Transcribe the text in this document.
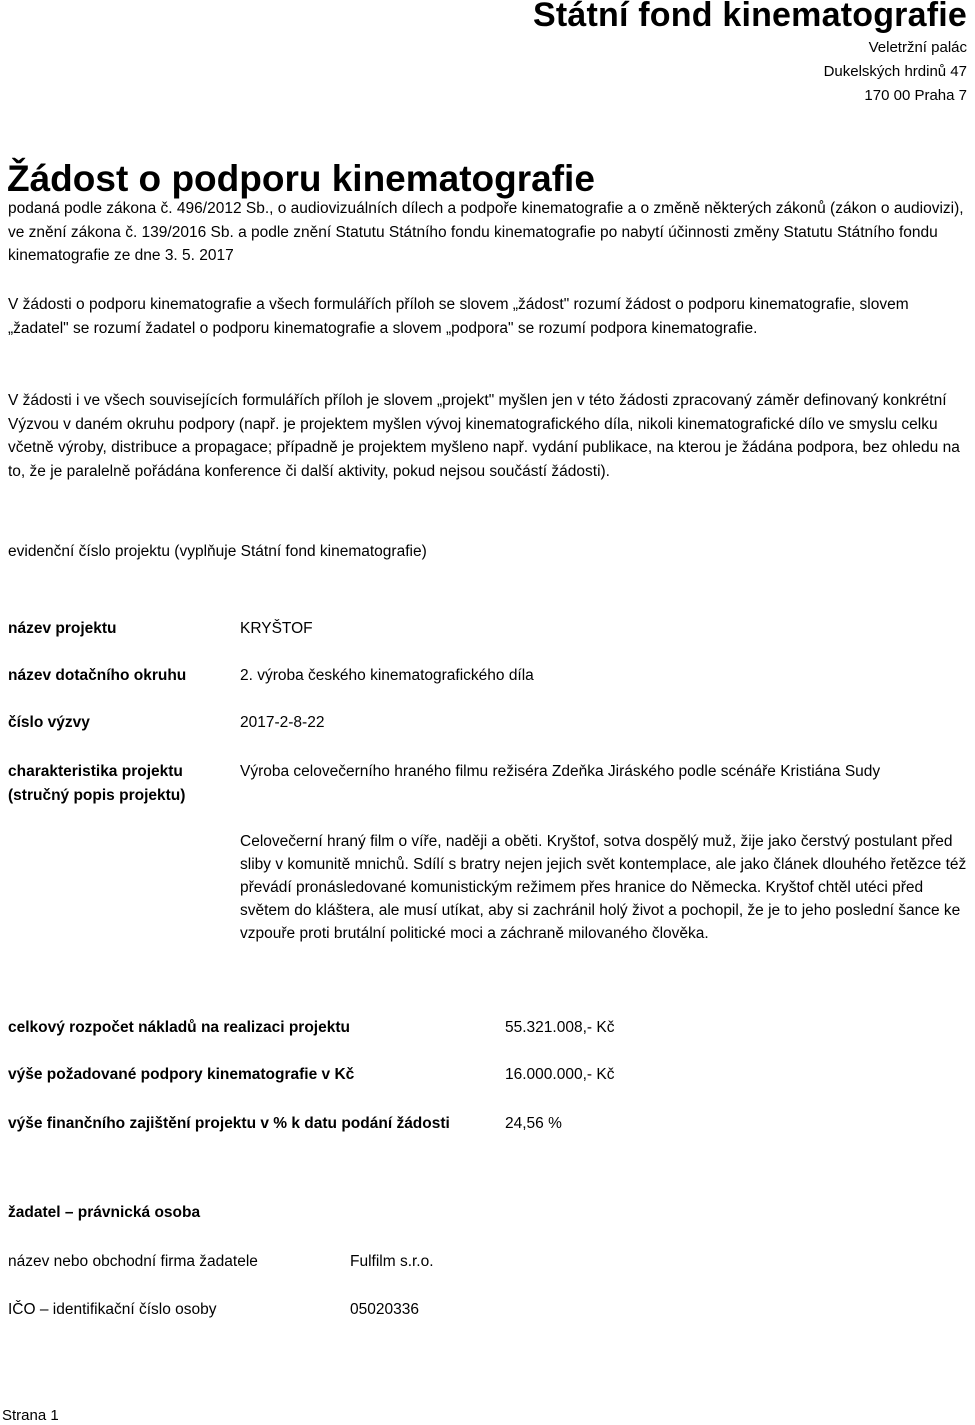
Státní fond kinematografie
Veletržní palác
Dukelských hrdinů 47
170 00 Praha 7
Žádost o podporu kinematografie
podaná podle zákona č. 496/2012 Sb., o audiovizuálních dílech a podpoře kinematografie a o změně některých zákonů (zákon o audiovizi), ve znění zákona č. 139/2016 Sb. a podle znění Statutu Státního fondu kinematografie po nabytí účinnosti změny Statutu Státního fondu kinematografie ze dne 3. 5. 2017
V žádosti o podporu kinematografie a všech formulářích příloh se slovem „žádost" rozumí žádost o podporu kinematografie, slovem „žadatel" se rozumí žadatel o podporu kinematografie a slovem „podpora" se rozumí podpora kinematografie.
V žádosti i ve všech souvisejících formulářích příloh je slovem „projekt" myšlen jen v této žádosti zpracovaný záměr definovaný konkrétní Výzvou v daném okruhu podpory (např. je projektem myšlen vývoj kinematografického díla, nikoli kinematografické dílo ve smyslu celku včetně výroby, distribuce a propagace; případně je projektem myšleno např. vydání publikace, na kterou je žádána podpora, bez ohledu na to, že je paralelně pořádána konference či další aktivity, pokud nejsou součástí žádosti).
evidenční číslo projektu (vyplňuje Státní fond kinematografie)
název projektu	KRYŠTOF
název dotačního okruhu	2. výroba českého kinematografického díla
číslo výzvy	2017-2-8-22
charakteristika projektu
(stručný popis projektu)
Výroba celovečerního hraného filmu režiséra Zdeňka Jiráského podle scénáře Kristiána Sudy
Celovečerní hraný film o víře, naději a oběti. Kryštof, sotva dospělý muž, žije jako čerstvý postulant před sliby v komunitě mnichů. Sdílí s bratry nejen jejich svět kontemplace, ale jako článek dlouhého řetězce též převádí pronásledované komunistickým režimem přes hranice do Německa. Kryštof chtěl utéci před světem do kláštera, ale musí utíkat, aby si zachránil holý život a pochopil, že je to jeho poslední šance ke vzpouře proti brutální politické moci a záchraně milovaného člověka.
celkový rozpočet nákladů na realizaci projektu	55.321.008,- Kč
výše požadované podpory kinematografie v Kč	16.000.000,- Kč
výše finančního zajištění projektu v % k datu podání žádosti	24,56 %
žadatel – právnická osoba
název nebo obchodní firma žadatele	Fulfilm s.r.o.
IČO – identifikační číslo osoby	05020336
Strana 1
